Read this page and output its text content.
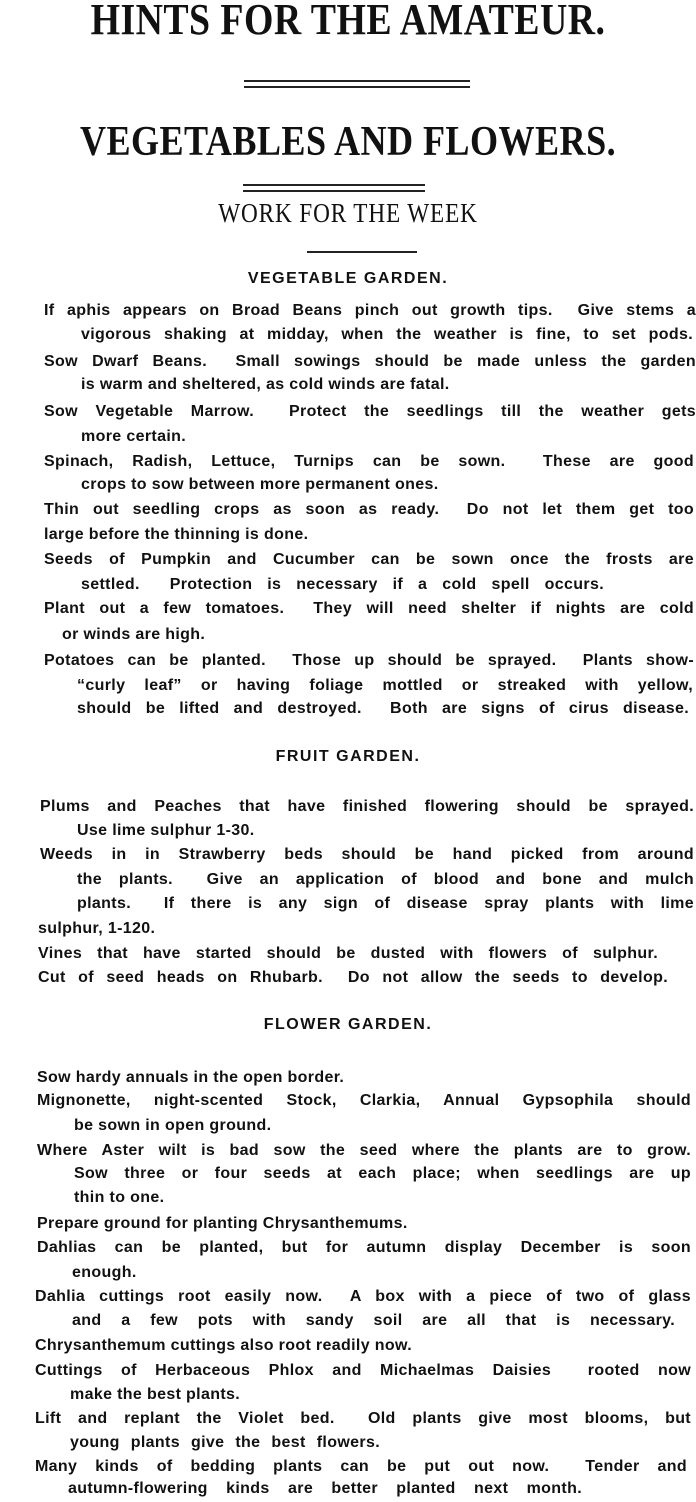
HINTS FOR THE AMATEUR.
VEGETABLES AND FLOWERS.
WORK FOR THE WEEK
VEGETABLE GARDEN.
If aphis appears on Broad Beans pinch out growth tips.  Give stems a
vigorous shaking at midday, when the weather is fine, to set pods.
Sow Dwarf Beans.  Small sowings should be made unless the garden
is warm and sheltered, as cold winds are fatal.
Sow Vegetable Marrow.  Protect the seedlings till the weather gets
more certain.
Spinach, Radish, Lettuce, Turnips can be sown.  These are good
crops to sow between more permanent ones.
Thin out seedling crops as soon as ready.  Do not let them get too
large before the thinning is done.
Seeds of Pumpkin and Cucumber can be sown once the frosts are
settled.  Protection is necessary if a cold spell occurs.
Plant out a few tomatoes.  They will need shelter if nights are cold
or winds are high.
Potatoes can be planted.  Those up should be sprayed.  Plants show-
“curly leaf” or having foliage mottled or streaked with yellow,
should be lifted and destroyed.  Both are signs of cirus disease.
FRUIT GARDEN.
Plums and Peaches that have finished flowering should be sprayed.
Use lime sulphur 1-30.
Weeds in in Strawberry beds should be hand picked from around
the plants.  Give an application of blood and bone and mulch
plants.  If there is any sign of disease spray plants with lime
sulphur, 1-120.
Vines that have started should be dusted with flowers of sulphur.
Cut of seed heads on Rhubarb.  Do not allow the seeds to develop.
FLOWER GARDEN.
Sow hardy annuals in the open border.
Mignonette, night-scented Stock, Clarkia, Annual Gypsophila should
be sown in open ground.
Where Aster wilt is bad sow the seed where the plants are to grow.
Sow three or four seeds at each place; when seedlings are up
thin to one.
Prepare ground for planting Chrysanthemums.
Dahlias can be planted, but for autumn display December is soon
enough.
Dahlia cuttings root easily now.  A box with a piece of two of glass
and a few pots with sandy soil are all that is necessary.
Chrysanthemum cuttings also root readily now.
Cuttings of Herbaceous Phlox and Michaelmas Daisies  rooted now
make the best plants.
Lift and replant the Violet bed.  Old plants give most blooms, but
young plants give the best flowers.
Many kinds of bedding plants can be put out now.  Tender and
autumn-flowering kinds are better planted next month.
